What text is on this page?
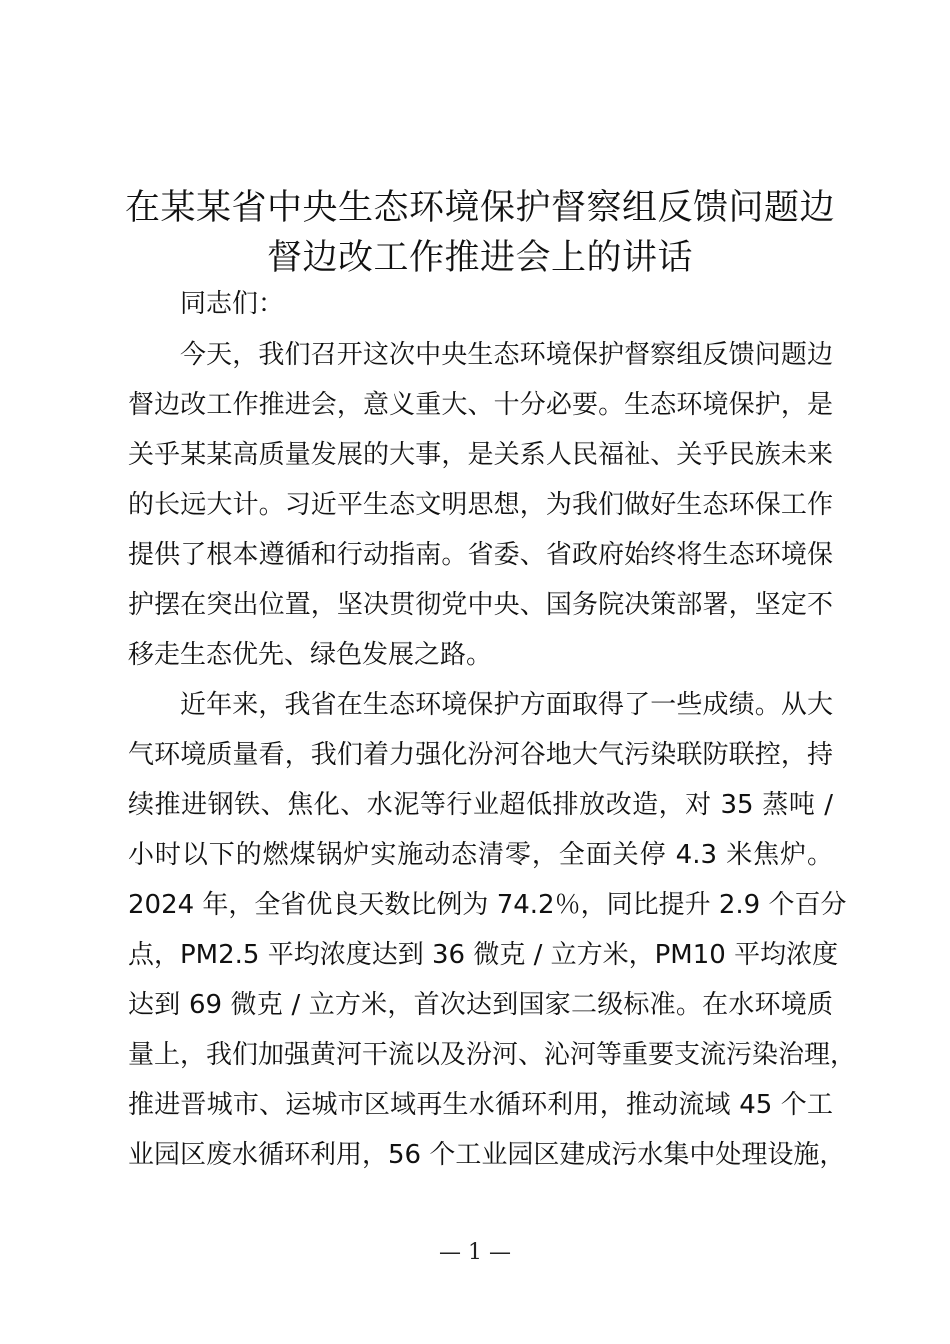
在某某省中央生态环境保护督察组反馈问题边
督边改工作推进会上的讲话
同志们：
今天，我们召开这次中央生态环境保护督察组反馈问题边
督边改工作推进会，意义重大、十分必要。生态环境保护，是
关乎某某高质量发展的大事，是关系人民福祉、关乎民族未来
的长远大计。习近平生态文明思想，为我们做好生态环保工作
提供了根本遵循和行动指南。省委、省政府始终将生态环境保
护摆在突出位置，坚决贯彻党中央、国务院决策部署，坚定不
移走生态优先、绿色发展之路。
近年来，我省在生态环境保护方面取得了一些成绩。从大
气环境质量看，我们着力强化汾河谷地大气污染联防联控，持
续推进钢铁、焦化、水泥等行业超低排放改造，对 35 蒸吨 /
小时以下的燃煤锅炉实施动态清零，全面关停 4.3 米焦炉。
2024 年，全省优良天数比例为 74.2％，同比提升 2.9 个百分
点，PM2.5 平均浓度达到 36 微克 / 立方米，PM10 平均浓度
达到 69 微克 / 立方米，首次达到国家二级标准。在水环境质
量上，我们加强黄河干流以及汾河、沁河等重要支流污染治理，
推进晋城市、运城市区域再生水循环利用，推动流域 45 个工
业园区废水循环利用，56 个工业园区建成污水集中处理设施，
— 1 —
